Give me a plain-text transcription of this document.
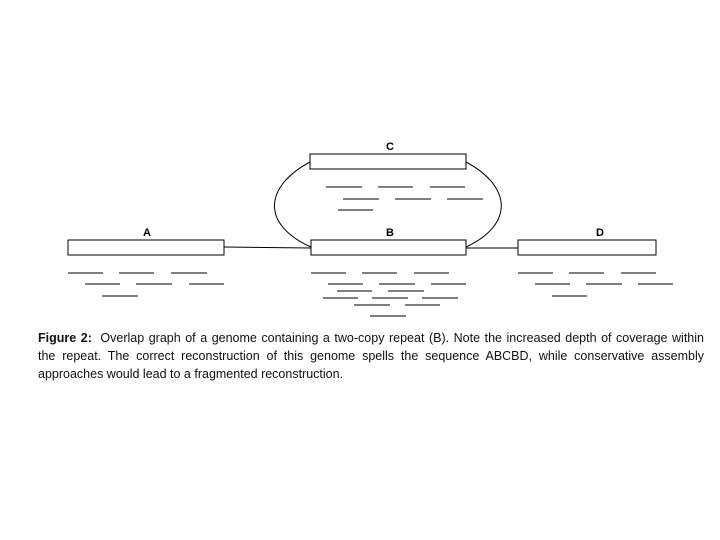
A	B
C
D

Figure 2: Overlap graph of a genome containing a two-copy repeat (B). Note the increased depth of coverage within the repeat. The correct reconstruction of this genome spells the sequence ABCBD, while conservative assembly approaches would lead to a fragmented reconstruction.
